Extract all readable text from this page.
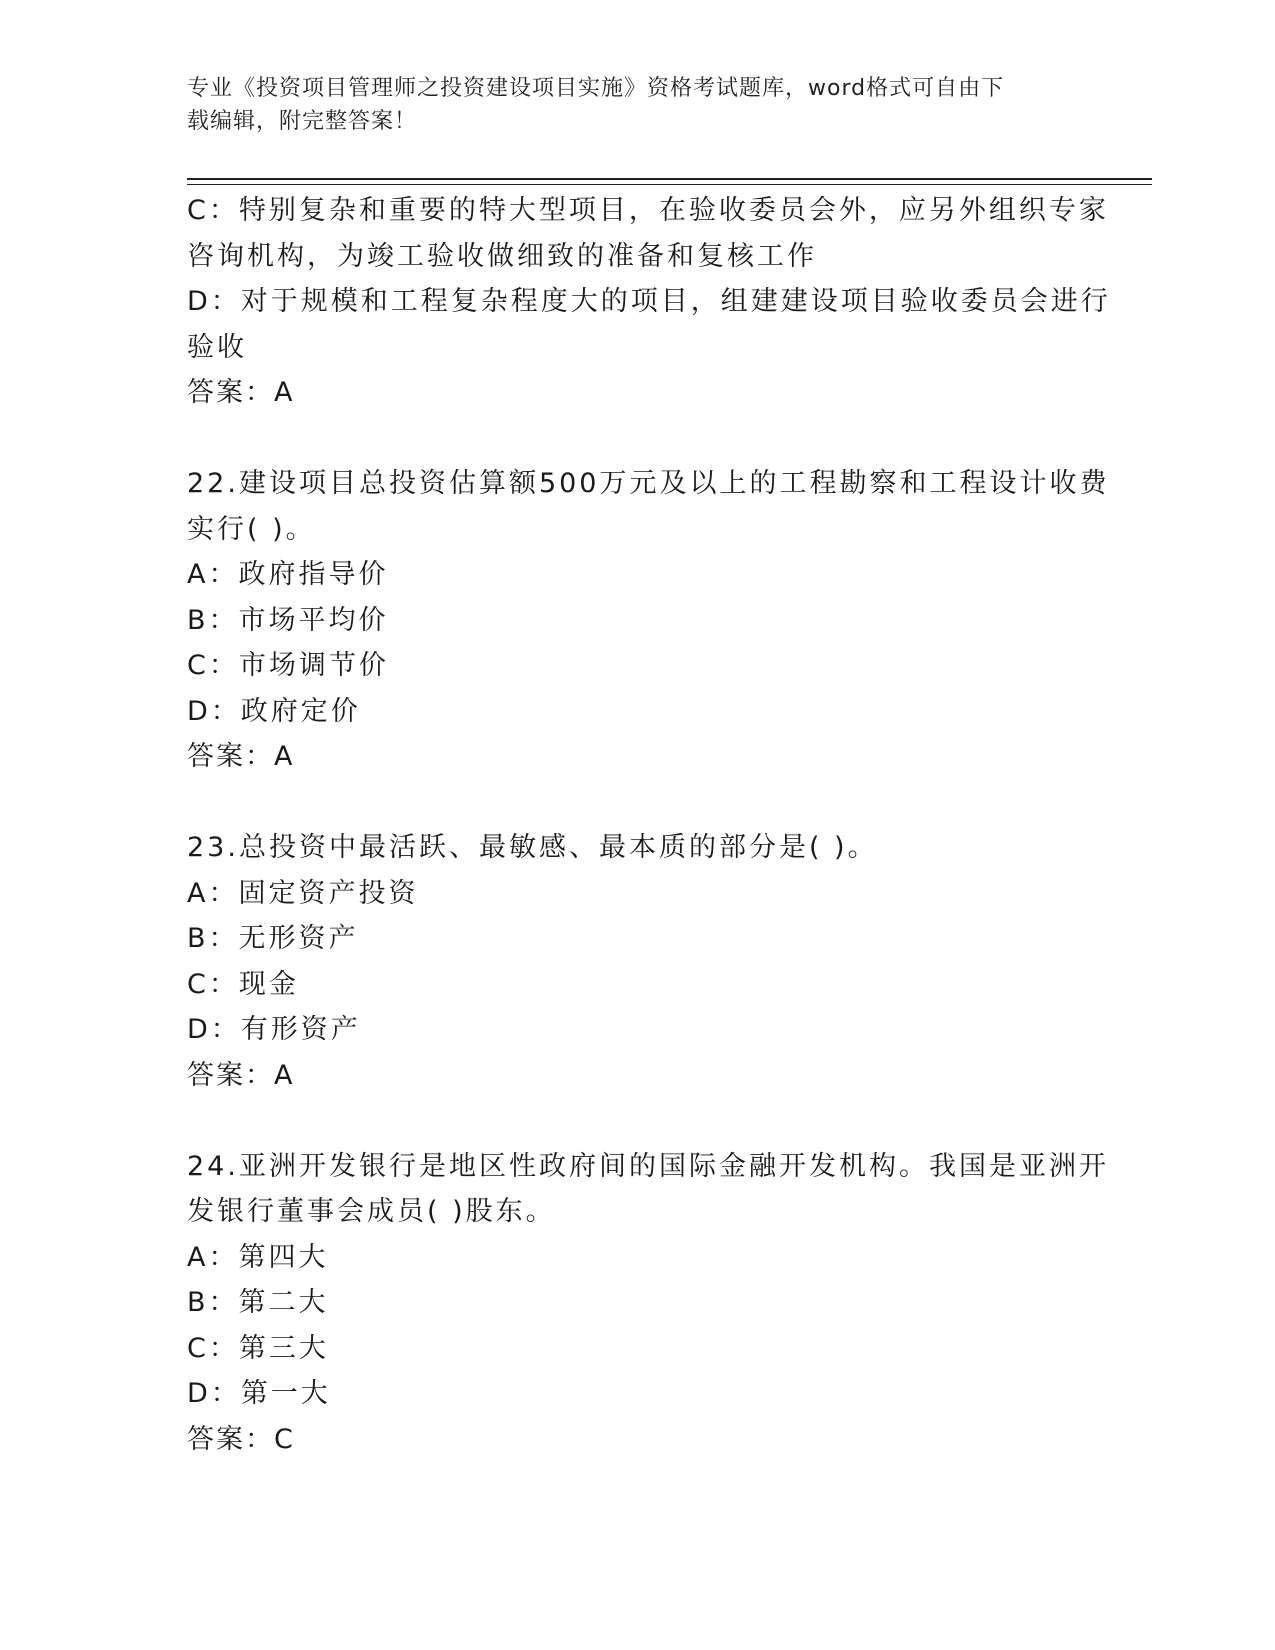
专业《投资项目管理师之投资建设项目实施》资格考试题库，word格式可自由下
载编辑，附完整答案！
C：特别复杂和重要的特大型项目，在验收委员会外，应另外组织专家
咨询机构，为竣工验收做细致的准备和复核工作
D：对于规模和工程复杂程度大的项目，组建建设项目验收委员会进行
验收
答案：A
22.建设项目总投资估算额500万元及以上的工程勘察和工程设计收费
实行( )。
A：政府指导价
B：市场平均价
C：市场调节价
D：政府定价
答案：A
23.总投资中最活跃、最敏感、最本质的部分是( )。
A：固定资产投资
B：无形资产
C：现金
D：有形资产
答案：A
24.亚洲开发银行是地区性政府间的国际金融开发机构。我国是亚洲开
发银行董事会成员( )股东。
A：第四大
B：第二大
C：第三大
D：第一大
答案：C
